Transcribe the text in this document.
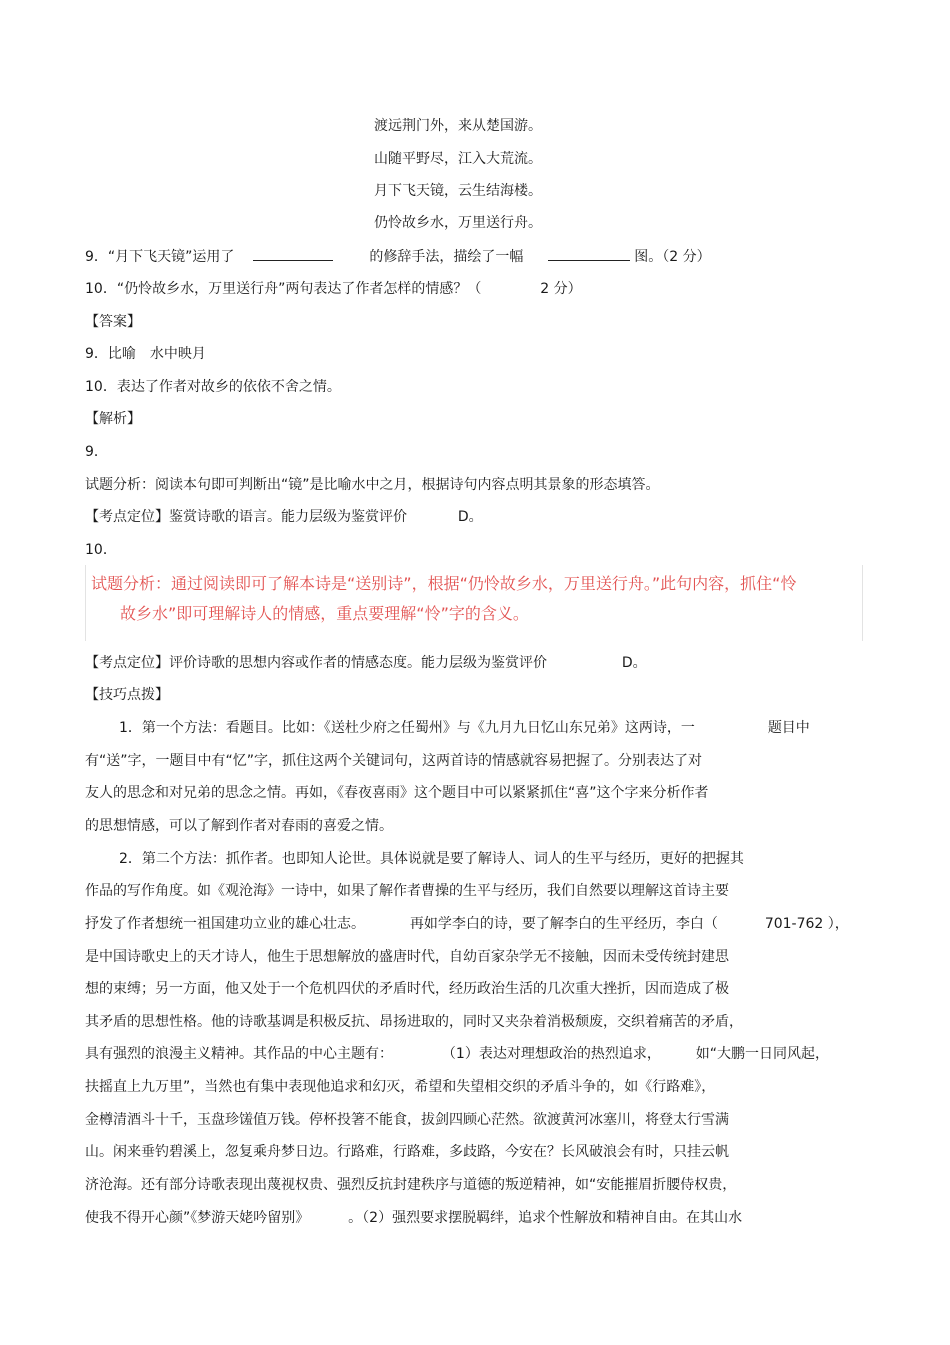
渡远荆门外，来从楚国游。
山随平野尽，江入大荒流。
月下飞天镜，云生结海楼。
仍怜故乡水，万里送行舟。
9．“月下飞天镜”运用了	的修辞手法，描绘了一幅	图。（2 分）
10．“仍怜故乡水，万里送行舟”两句表达了作者怎样的情感？（	2 分）
【答案】
9．比喻　水中映月
10．表达了作者对故乡的依依不舍之情。
【解析】
9．
试题分析：阅读本句即可判断出“镜”是比喻水中之月，根据诗句内容点明其景象的形态填答。
【考点定位】鉴赏诗歌的语言。能力层级为鉴赏评价	D。
10．
试题分析：通过阅读即可了解本诗是“送别诗”，根据“仍怜故乡水，万里送行舟。”此句内容，抓住“怜
故乡水”即可理解诗人的情感，重点要理解“怜”字的含义。
【考点定位】评价诗歌的思想内容或作者的情感态度。能力层级为鉴赏评价	D。
【技巧点拨】
1．第一个方法：看题目。比如：《送杜少府之任蜀州》与《九月九日忆山东兄弟》这两诗，一	题目中
有“送”字，一题目中有“忆”字，抓住这两个关键词句，这两首诗的情感就容易把握了。分别表达了对
友人的思念和对兄弟的思念之情。再如，《春夜喜雨》这个题目中可以紧紧抓住“喜”这个字来分析作者
的思想情感，可以了解到作者对春雨的喜爱之情。
2．第二个方法：抓作者。也即知人论世。具体说就是要了解诗人、词人的生平与经历，更好的把握其
作品的写作角度。如《观沧海》一诗中，如果了解作者曹操的生平与经历，我们自然要以理解这首诗主要
抒发了作者想统一祖国建功立业的雄心壮志。	再如学李白的诗，要了解李白的生平经历，李白（	701-762 ），
是中国诗歌史上的天才诗人，他生于思想解放的盛唐时代，自幼百家杂学无不接触，因而未受传统封建思
想的束缚；另一方面，他又处于一个危机四伏的矛盾时代，经历政治生活的几次重大挫折，因而造成了极
其矛盾的思想性格。他的诗歌基调是积极反抗、昂扬进取的，同时又夹杂着消极颓废，交织着痛苦的矛盾，
具有强烈的浪漫主义精神。其作品的中心主题有：	（1）表达对理想政治的热烈追求， 如“大鹏一日同风起，
扶摇直上九万里”，当然也有集中表现他追求和幻灭，希望和失望相交织的矛盾斗争的，如《行路难》，
金樽清酒斗十千，玉盘珍馐值万钱。停杯投箸不能食，拔剑四顾心茫然。欲渡黄河冰塞川，将登太行雪满
山。闲来垂钓碧溪上，忽复乘舟梦日边。行路难，行路难，多歧路，今安在？长风破浪会有时，只挂云帆
济沧海。还有部分诗歌表现出蔑视权贵、强烈反抗封建秩序与道德的叛逆精神，如“安能摧眉折腰侍权贵，
使我不得开心颜”《梦游天姥吟留别》	。（2）强烈要求摆脱羁绊，追求个性解放和精神自由。在其山水
